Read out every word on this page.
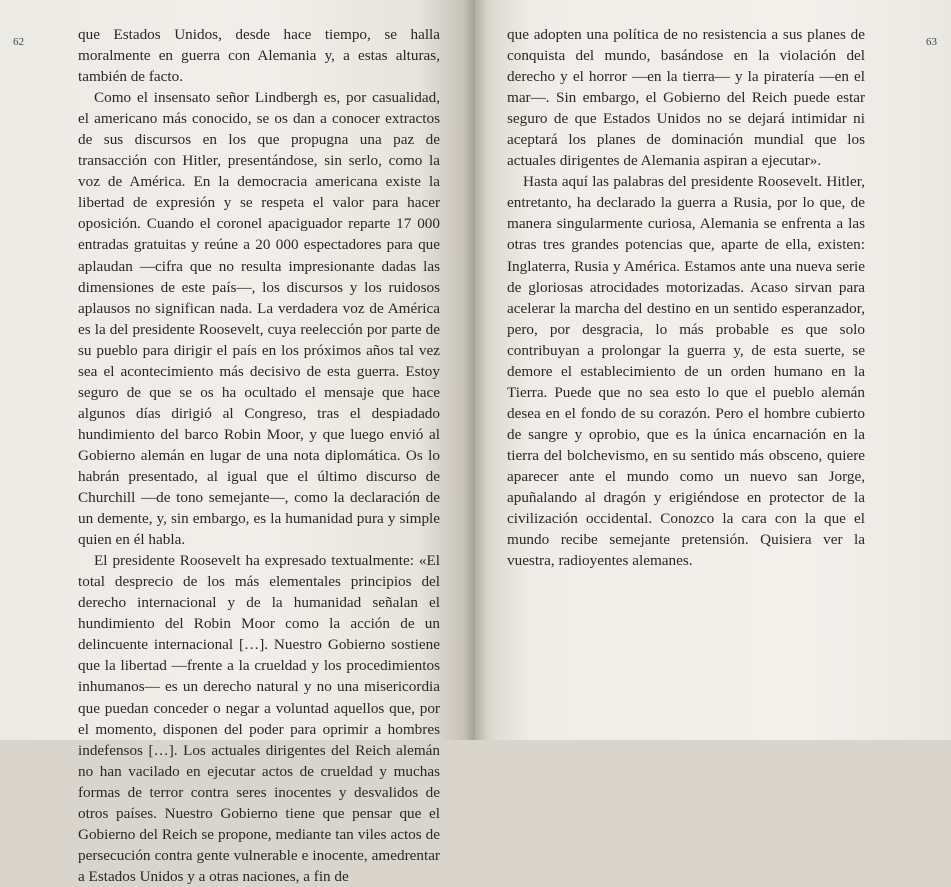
62	que Estados Unidos, desde hace tiempo, se halla moralmente en guerra con Alemania y, a estas alturas, también de facto.

Como el insensato señor Lindbergh es, por casualidad, el americano más conocido, se os dan a conocer extractos de sus discursos en los que propugna una paz de transacción con Hitler, presentándose, sin serlo, como la voz de América. En la democracia americana existe la libertad de expresión y se respeta el valor para hacer oposición. Cuando el coronel apaciguador reparte 17 000 entradas gratuitas y reúne a 20 000 espectadores para que aplaudan —cifra que no resulta impresionante dadas las dimensiones de este país—, los discursos y los ruidosos aplausos no significan nada. La verdadera voz de América es la del presidente Roosevelt, cuya reelección por parte de su pueblo para dirigir el país en los próximos años tal vez sea el acontecimiento más decisivo de esta guerra. Estoy seguro de que se os ha ocultado el mensaje que hace algunos días dirigió al Congreso, tras el despiadado hundimiento del barco Robin Moor, y que luego envió al Gobierno alemán en lugar de una nota diplomática. Os lo habrán presentado, al igual que el último discurso de Churchill —de tono semejante—, como la declaración de un demente, y, sin embargo, es la humanidad pura y simple quien en él habla.

El presidente Roosevelt ha expresado textualmente: «El total desprecio de los más elementales principios del derecho internacional y de la humanidad señalan el hundimiento del Robin Moor como la acción de un delincuente internacional […]. Nuestro Gobierno sostiene que la libertad —frente a la crueldad y los procedimientos inhumanos— es un derecho natural y no una misericordia que puedan conceder o negar a voluntad aquellos que, por el momento, disponen del poder para oprimir a hombres indefensos […]. Los actuales dirigentes del Reich alemán no han vacilado en ejecutar actos de crueldad y muchas formas de terror contra seres inocentes y desvalidos de otros países. Nuestro Gobierno tiene que pensar que el Gobierno del Reich se propone, mediante tan viles actos de persecución contra gente vulnerable e inocente, amedrentar a Estados Unidos y a otras naciones, a fin de

63

que adopten una política de no resistencia a sus planes de conquista del mundo, basándose en la violación del derecho y el horror —en la tierra— y la piratería —en el mar—. Sin embargo, el Gobierno del Reich puede estar seguro de que Estados Unidos no se dejará intimidar ni aceptará los planes de dominación mundial que los actuales dirigentes de Alemania aspiran a ejecutar».

Hasta aquí las palabras del presidente Roosevelt. Hitler, entretanto, ha declarado la guerra a Rusia, por lo que, de manera singularmente curiosa, Alemania se enfrenta a las otras tres grandes potencias que, aparte de ella, existen: Inglaterra, Rusia y América. Estamos ante una nueva serie de gloriosas atrocidades motorizadas. Acaso sirvan para acelerar la marcha del destino en un sentido esperanzador, pero, por desgracia, lo más probable es que solo contribuyan a prolongar la guerra y, de esta suerte, se demore el establecimiento de un orden humano en la Tierra. Puede que no sea esto lo que el pueblo alemán desea en el fondo de su corazón. Pero el hombre cubierto de sangre y oprobio, que es la única encarnación en la tierra del bolchevismo, en su sentido más obsceno, quiere aparecer ante el mundo como un nuevo san Jorge, apuñalando al dragón y erigiéndose en protector de la civilización occidental. Conozco la cara con la que el mundo recibe semejante pretensión. Quisiera ver la vuestra, radioyentes alemanes.
